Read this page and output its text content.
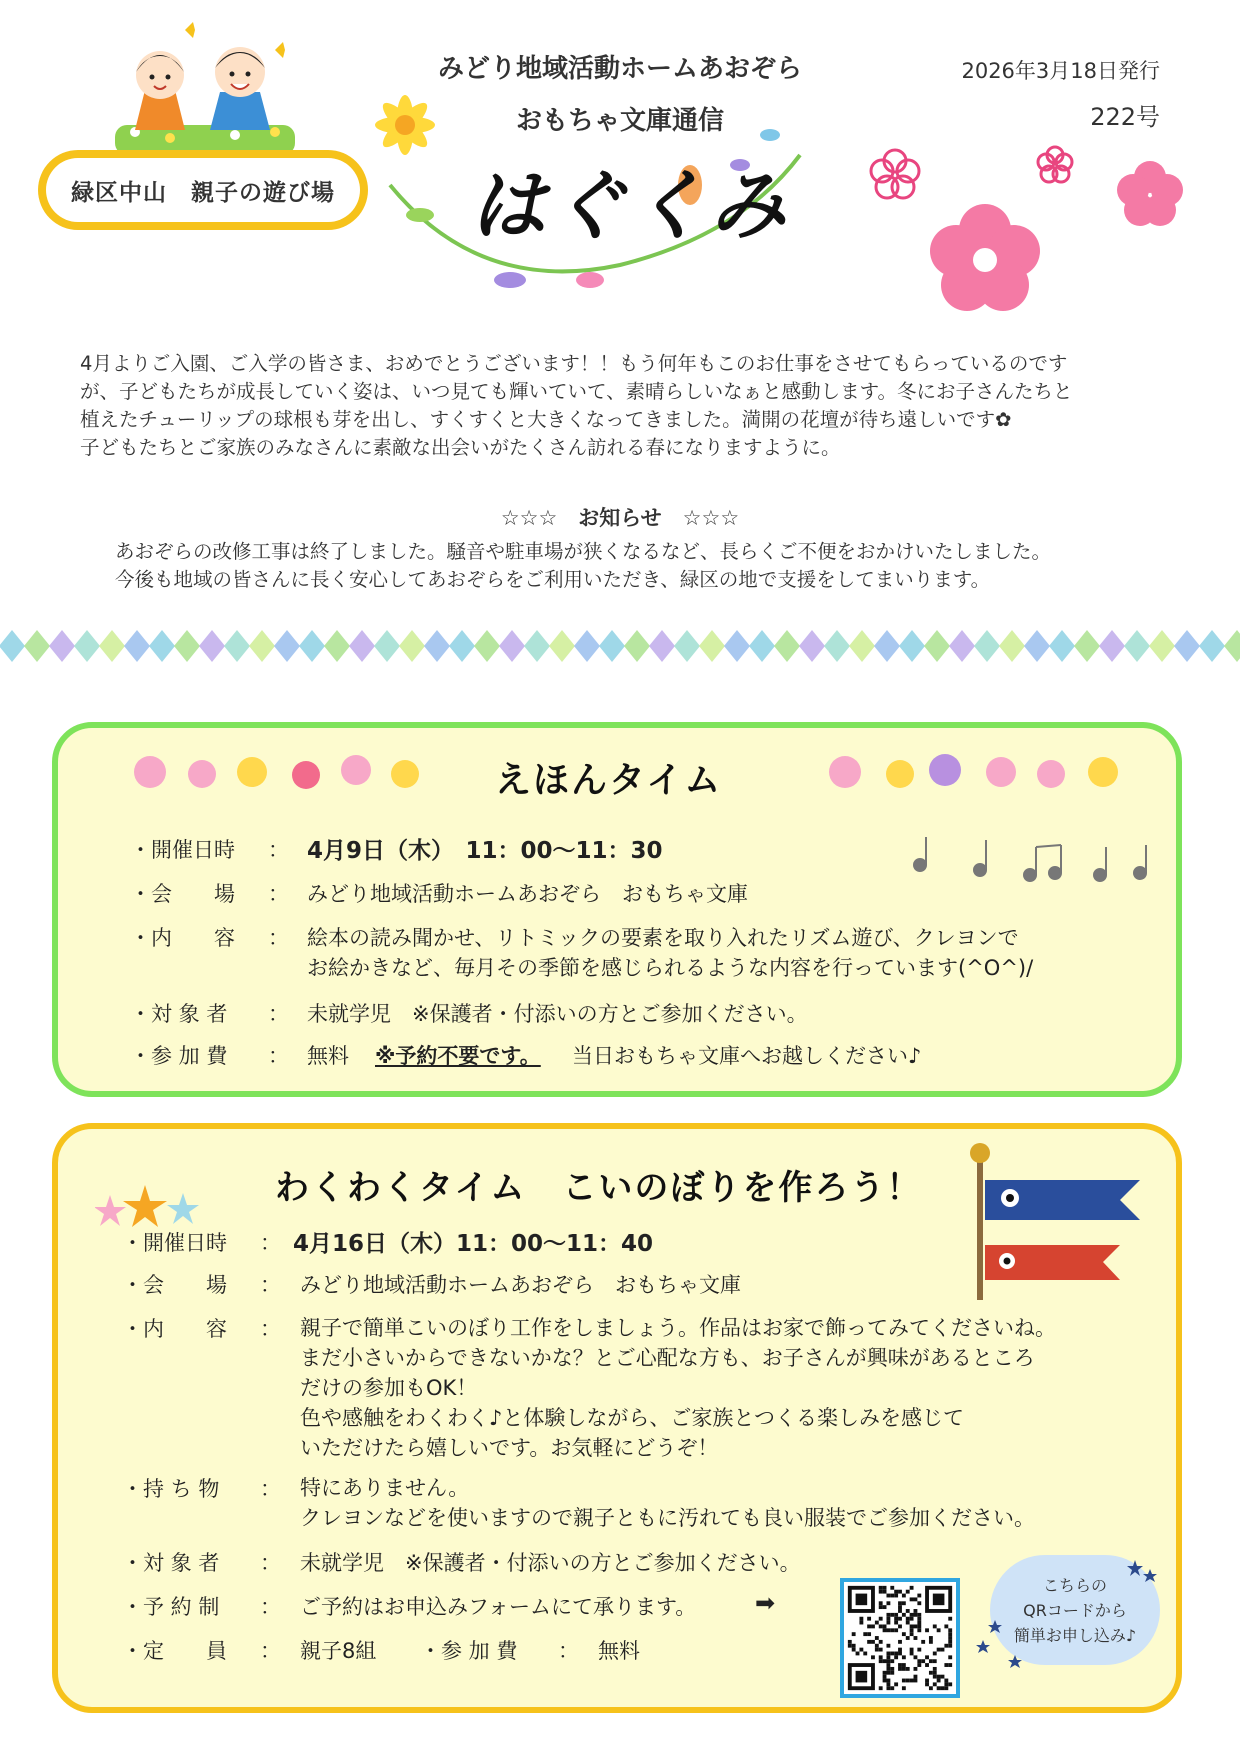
緑区中山　親子の遊び場
みどり地域活動ホームあおぞら
おもちゃ文庫通信
はぐくみ
2026年3月18日発行
222号
4月よりご入園、ご入学の皆さま、おめでとうございます！！もう何年もこのお仕事をさせてもらっているのです
が、子どもたちが成長していく姿は、いつ見ても輝いていて、素晴らしいなぁと感動します。冬にお子さんたちと
植えたチューリップの球根も芽を出し、すくすくと大きくなってきました。満開の花壇が待ち遠しいです✿
子どもたちとご家族のみなさんに素敵な出会いがたくさん訪れる春になりますように。
☆☆☆　お知らせ　☆☆☆
あおぞらの改修工事は終了しました。騒音や駐車場が狭くなるなど、長らくご不便をおかけいたしました。
今後も地域の皆さんに長く安心してあおぞらをご利用いただき、緑区の地で支援をしてまいります。
えほんタイム
・開催日時 ： 4月9日（木）　11：00～11：30
・会　　場 ： みどり地域活動ホームあおぞら　おもちゃ文庫
・内　　容 ： 絵本の読み聞かせ、リトミックの要素を取り入れたリズム遊び、クレヨンで
お絵かきなど、毎月その季節を感じられるような内容を行っています(^O^)/
・対 象 者 ： 未就学児　※保護者・付添いの方とご参加ください。
・参 加 費 ： 無料 ※予約不要です。 当日おもちゃ文庫へお越しください♪
わくわくタイム　こいのぼりを作ろう！
・開催日時 ： 4月16日（木）11：00～11：40
・会　　場 ： みどり地域活動ホームあおぞら　おもちゃ文庫
・内　　容 ： 親子で簡単こいのぼり工作をしましょう。作品はお家で飾ってみてくださいね。
まだ小さいからできないかな？とご心配な方も、お子さんが興味があるところ
だけの参加もOK！
色や感触をわくわく♪と体験しながら、ご家族とつくる楽しみを感じて
いただけたら嬉しいです。お気軽にどうぞ！
・持 ち 物 ： 特にありません。
クレヨンなどを使いますので親子ともに汚れても良い服装でご参加ください。
・対 象 者 ： 未就学児　※保護者・付添いの方とご参加ください。
・予 約 制 ： ご予約はお申込みフォームにて承ります。 ➡
・定　　員 ： 親子8組 ・参 加 費 ： 無料
こちらの
QRコードから
簡単お申し込み♪
